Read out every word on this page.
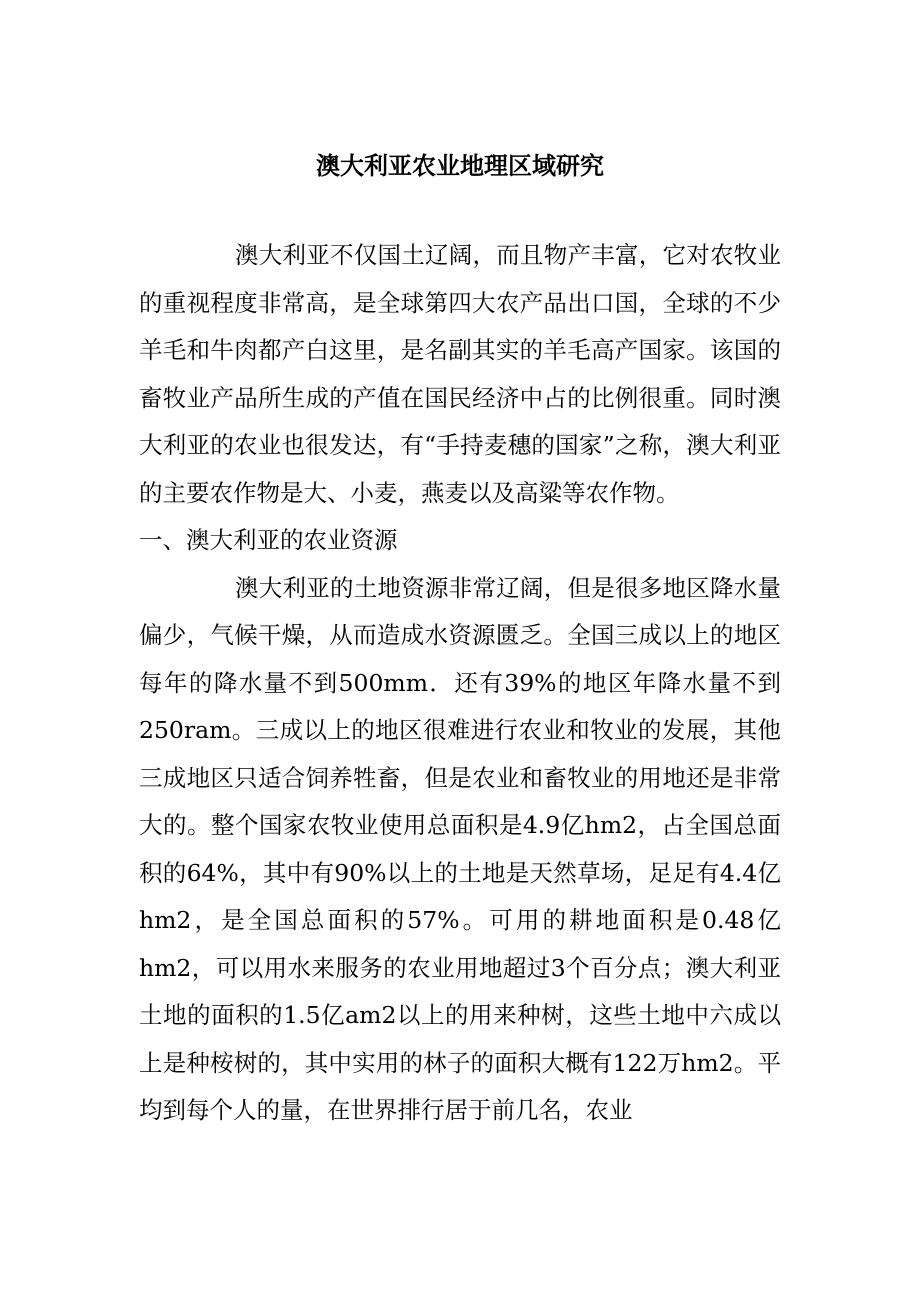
澳大利亚农业地理区域研究

澳大利亚不仅国土辽阔，而且物产丰富，它对农牧业的重视程度非常高，是全球第四大农产品出口国，全球的不少羊毛和牛肉都产白这里，是名副其实的羊毛高产国家。该国的畜牧业产品所生成的产值在国民经济中占的比例很重。同时澳大利亚的农业也很发达，有“手持麦穗的国家”之称，澳大利亚的主要农作物是大、小麦，燕麦以及高粱等农作物。

一、澳大利亚的农业资源

澳大利亚的土地资源非常辽阔，但是很多地区降水量偏少，气候干燥，从而造成水资源匮乏。全国三成以上的地区每年的降水量不到500mm．还有39%的地区年降水量不到250ram。三成以上的地区很难进行农业和牧业的发展，其他三成地区只适合饲养牲畜，但是农业和畜牧业的用地还是非常大的。整个国家农牧业使用总面积是4.9亿hm2，占全国总面积的64%，其中有90%以上的土地是天然草场，足足有4.4亿hm2，是全国总面积的57%。可用的耕地面积是0.48亿　hm2，可以用水来服务的农业用地超过3个百分点；澳大利亚土地的面积的1.5亿am2以上的用来种树，这些土地中六成以上是种桉树的，其中实用的林子的面积大概有122万hm2。平均到每个人的量，在世界排行居于前几名，农业
